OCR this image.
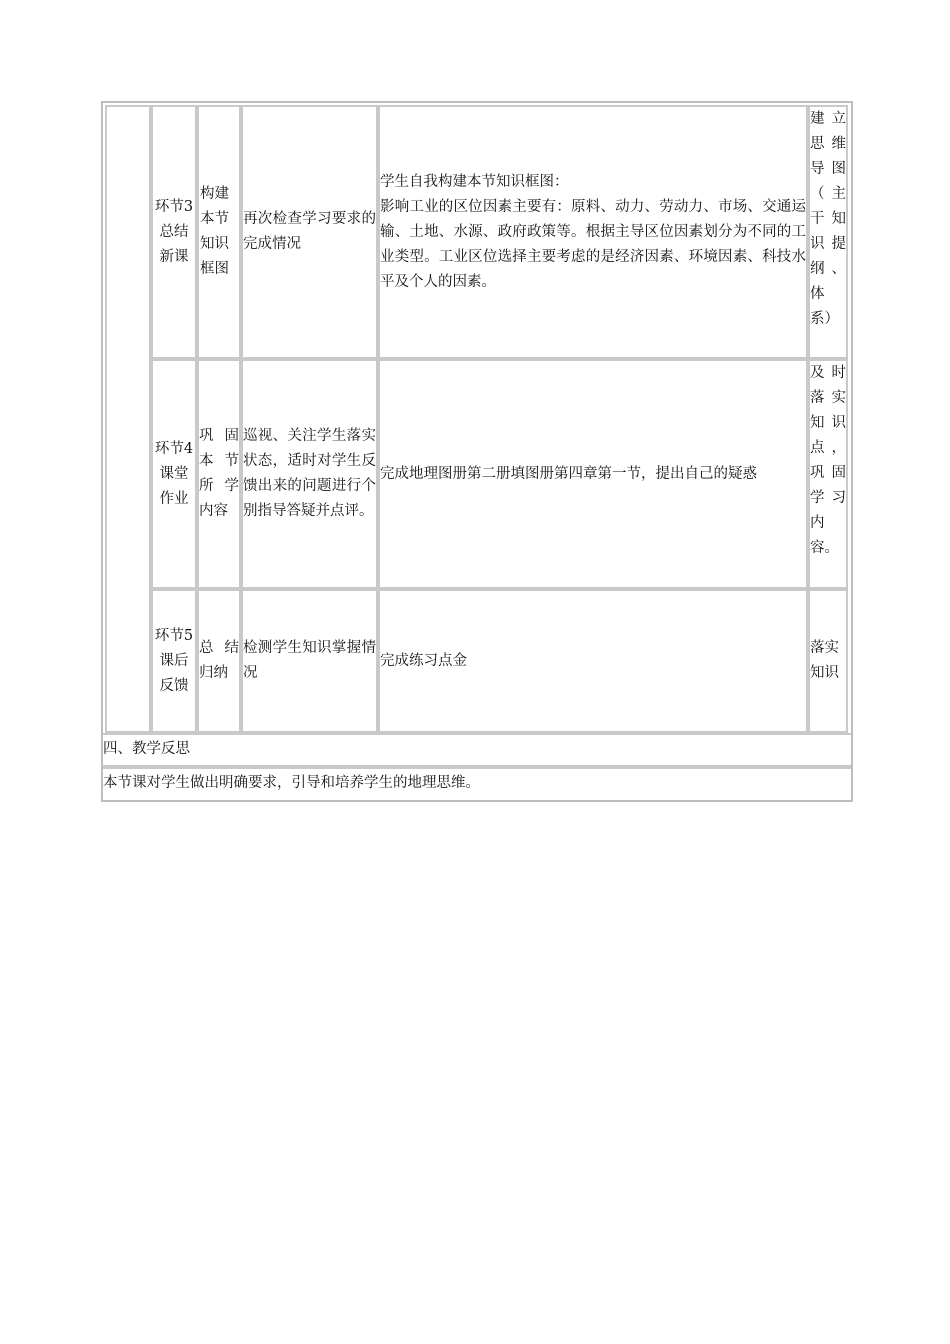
环节3
总结
新课
构建
本节
知识
框图
再次检查学习要求的完成情况
学生自我构建本节知识框图：
影响工业的区位因素主要有：原料、动力、劳动力、市场、交通运输、土地、水源、政府政策等。根据主导区位因素划分为不同的工业类型。工业区位选择主要考虑的是经济因素、环境因素、科技水平及个人的因素。
建立思维导图（主干知识提纲、体系）
环节4
课堂
作业
巩固本节所学内容
巡视、关注学生落实状态，适时对学生反馈出来的问题进行个别指导答疑并点评。
完成地理图册第二册填图册第四章第一节，提出自己的疑惑
及时落实知识点，巩固学习内容。
环节5
课后
反馈
总结归纳
检测学生知识掌握情况
完成练习点金
落实知识
四、教学反思
本节课对学生做出明确要求，引导和培养学生的地理思维。
